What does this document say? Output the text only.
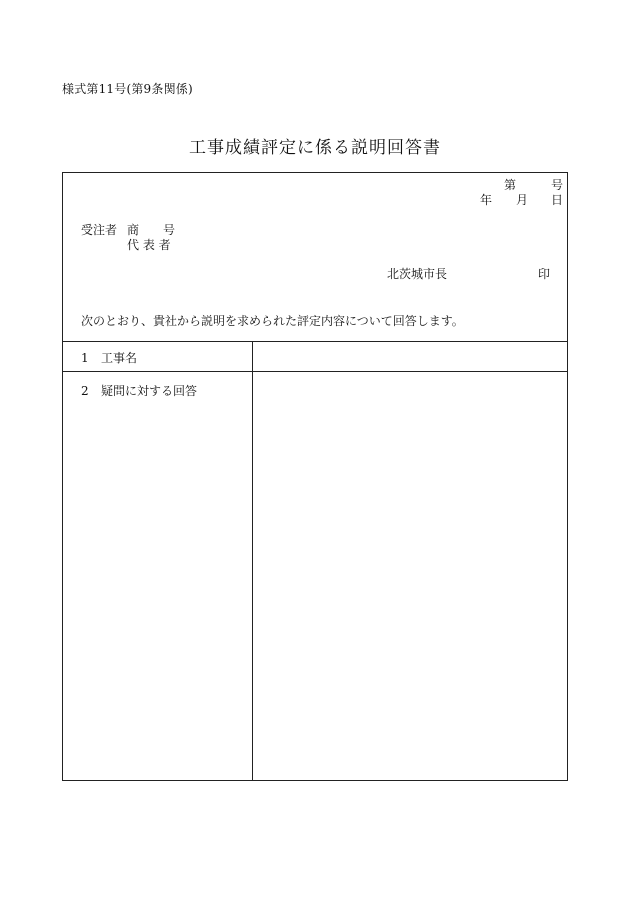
様式第11号(第9条関係)
工事成績評定に係る説明回答書
第	号
年 月 日
受注者 商　　号
代 表 者
北茨城市長	印
次のとおり、貴社から説明を求められた評定内容について回答します。
1 工事名
2 疑問に対する回答
